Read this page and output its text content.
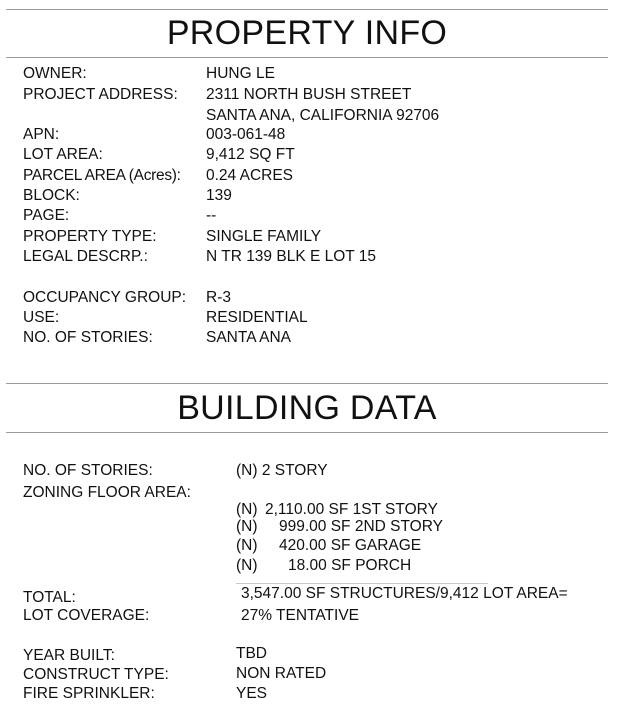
PROPERTY INFO
OWNER:	HUNG LE
PROJECT ADDRESS: 2311 NORTH BUSH STREET
SANTA ANA, CALIFORNIA 92706
APN:	003-061-48
LOT AREA:	9,412 SQ FT
PARCEL AREA (Acres): 0.24 ACRES
BLOCK:	139
PAGE:	--
PROPERTY TYPE:	SINGLE FAMILY
LEGAL DESCRP.:	N TR 139 BLK E LOT 15
OCCUPANCY GROUP: R-3
USE:	RESIDENTIAL
NO. OF STORIES:	SANTA ANA
BUILDING DATA
NO. OF STORIES:	(N) 2 STORY
ZONING FLOOR AREA:
(N) 2,110.00 SF 1ST STORY
(N) 999.00 SF 2ND STORY
(N) 420.00 SF GARAGE
(N) 18.00 SF PORCH
TOTAL:	3,547.00 SF STRUCTURES/9,412 LOT AREA=
LOT COVERAGE:	27% TENTATIVE
YEAR BUILT:	TBD
CONSTRUCT TYPE:	NON RATED
FIRE SPRINKLER:	YES
